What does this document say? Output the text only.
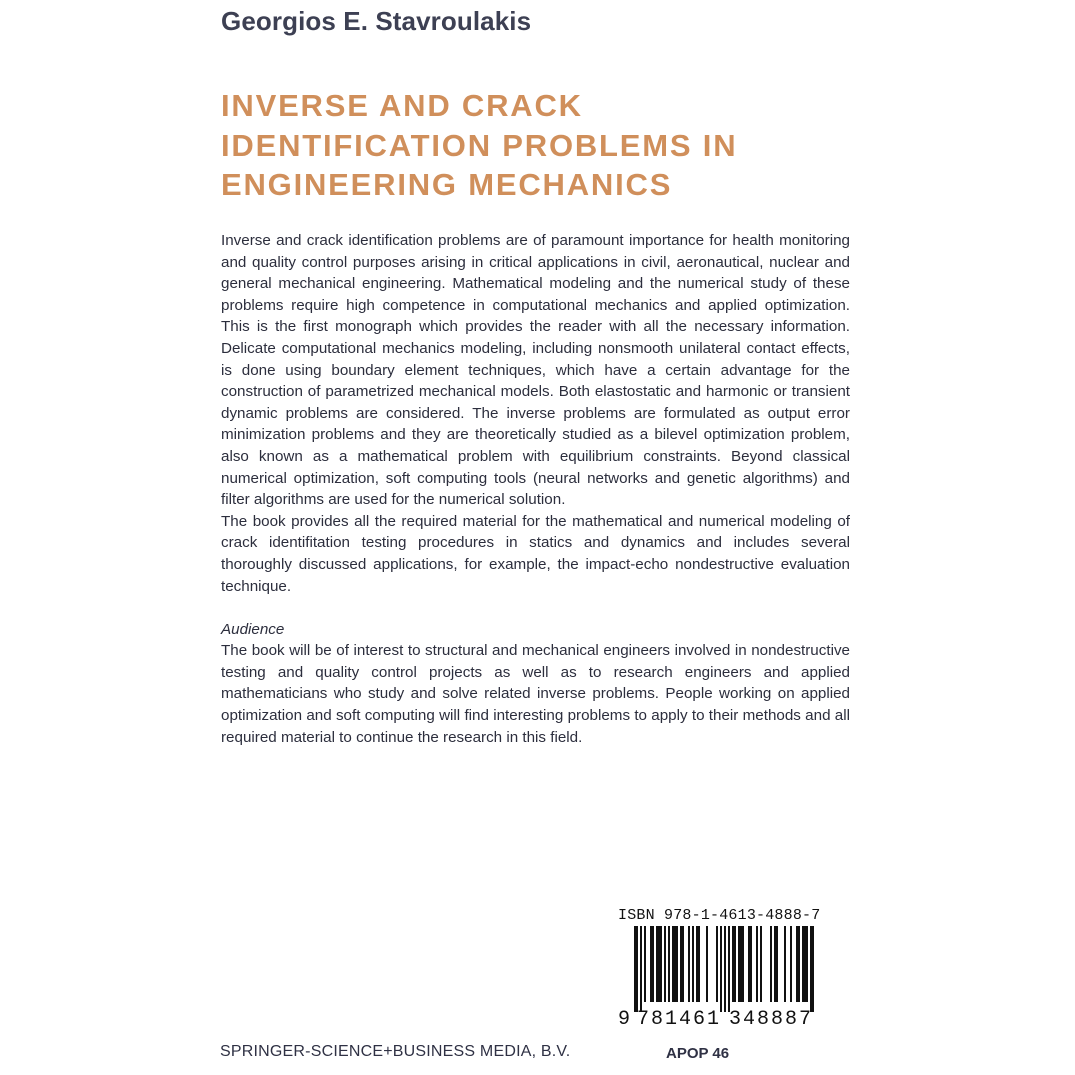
Georgios E. Stavroulakis
INVERSE AND CRACK
IDENTIFICATION PROBLEMS IN
ENGINEERING MECHANICS

Inverse and crack identification problems are of paramount importance for health monitoring and quality control purposes arising in critical applications in civil, aeronautical, nuclear and general mechanical engineering. Mathematical modeling and the numerical study of these problems require high competence in computational mechanics and applied optimization. This is the first monograph which provides the reader with all the necessary information. Delicate computational mechanics modeling, including nonsmooth unilateral contact effects, is done using boundary element techniques, which have a certain advantage for the construction of parametrized mechanical models. Both elastostatic and harmonic or transient dynamic problems are considered. The inverse problems are formulated as output error minimization problems and they are theoretically studied as a bilevel optimization problem, also known as a mathematical problem with equilibrium constraints. Beyond classical numerical optimization, soft computing tools (neural networks and genetic algorithms) and filter algorithms are used for the numerical solution.

The book provides all the required material for the mathematical and numerical modeling of crack identifitation testing procedures in statics and dynamics and includes several thoroughly discussed applications, for example, the impact-echo nondestructive evaluation technique.

Audience

The book will be of interest to structural and mechanical engineers involved in nondestructive testing and quality control projects as well as to research engineers and applied mathematicians who study and solve related inverse problems. People working on applied optimization and soft computing will find interesting problems to apply to their methods and all required material to continue the research in this field.

ISBN 978-1-4613-4888-7
9 781461 348887
SPRINGER-SCIENCE+BUSINESS MEDIA, B.V.	APOP 46
